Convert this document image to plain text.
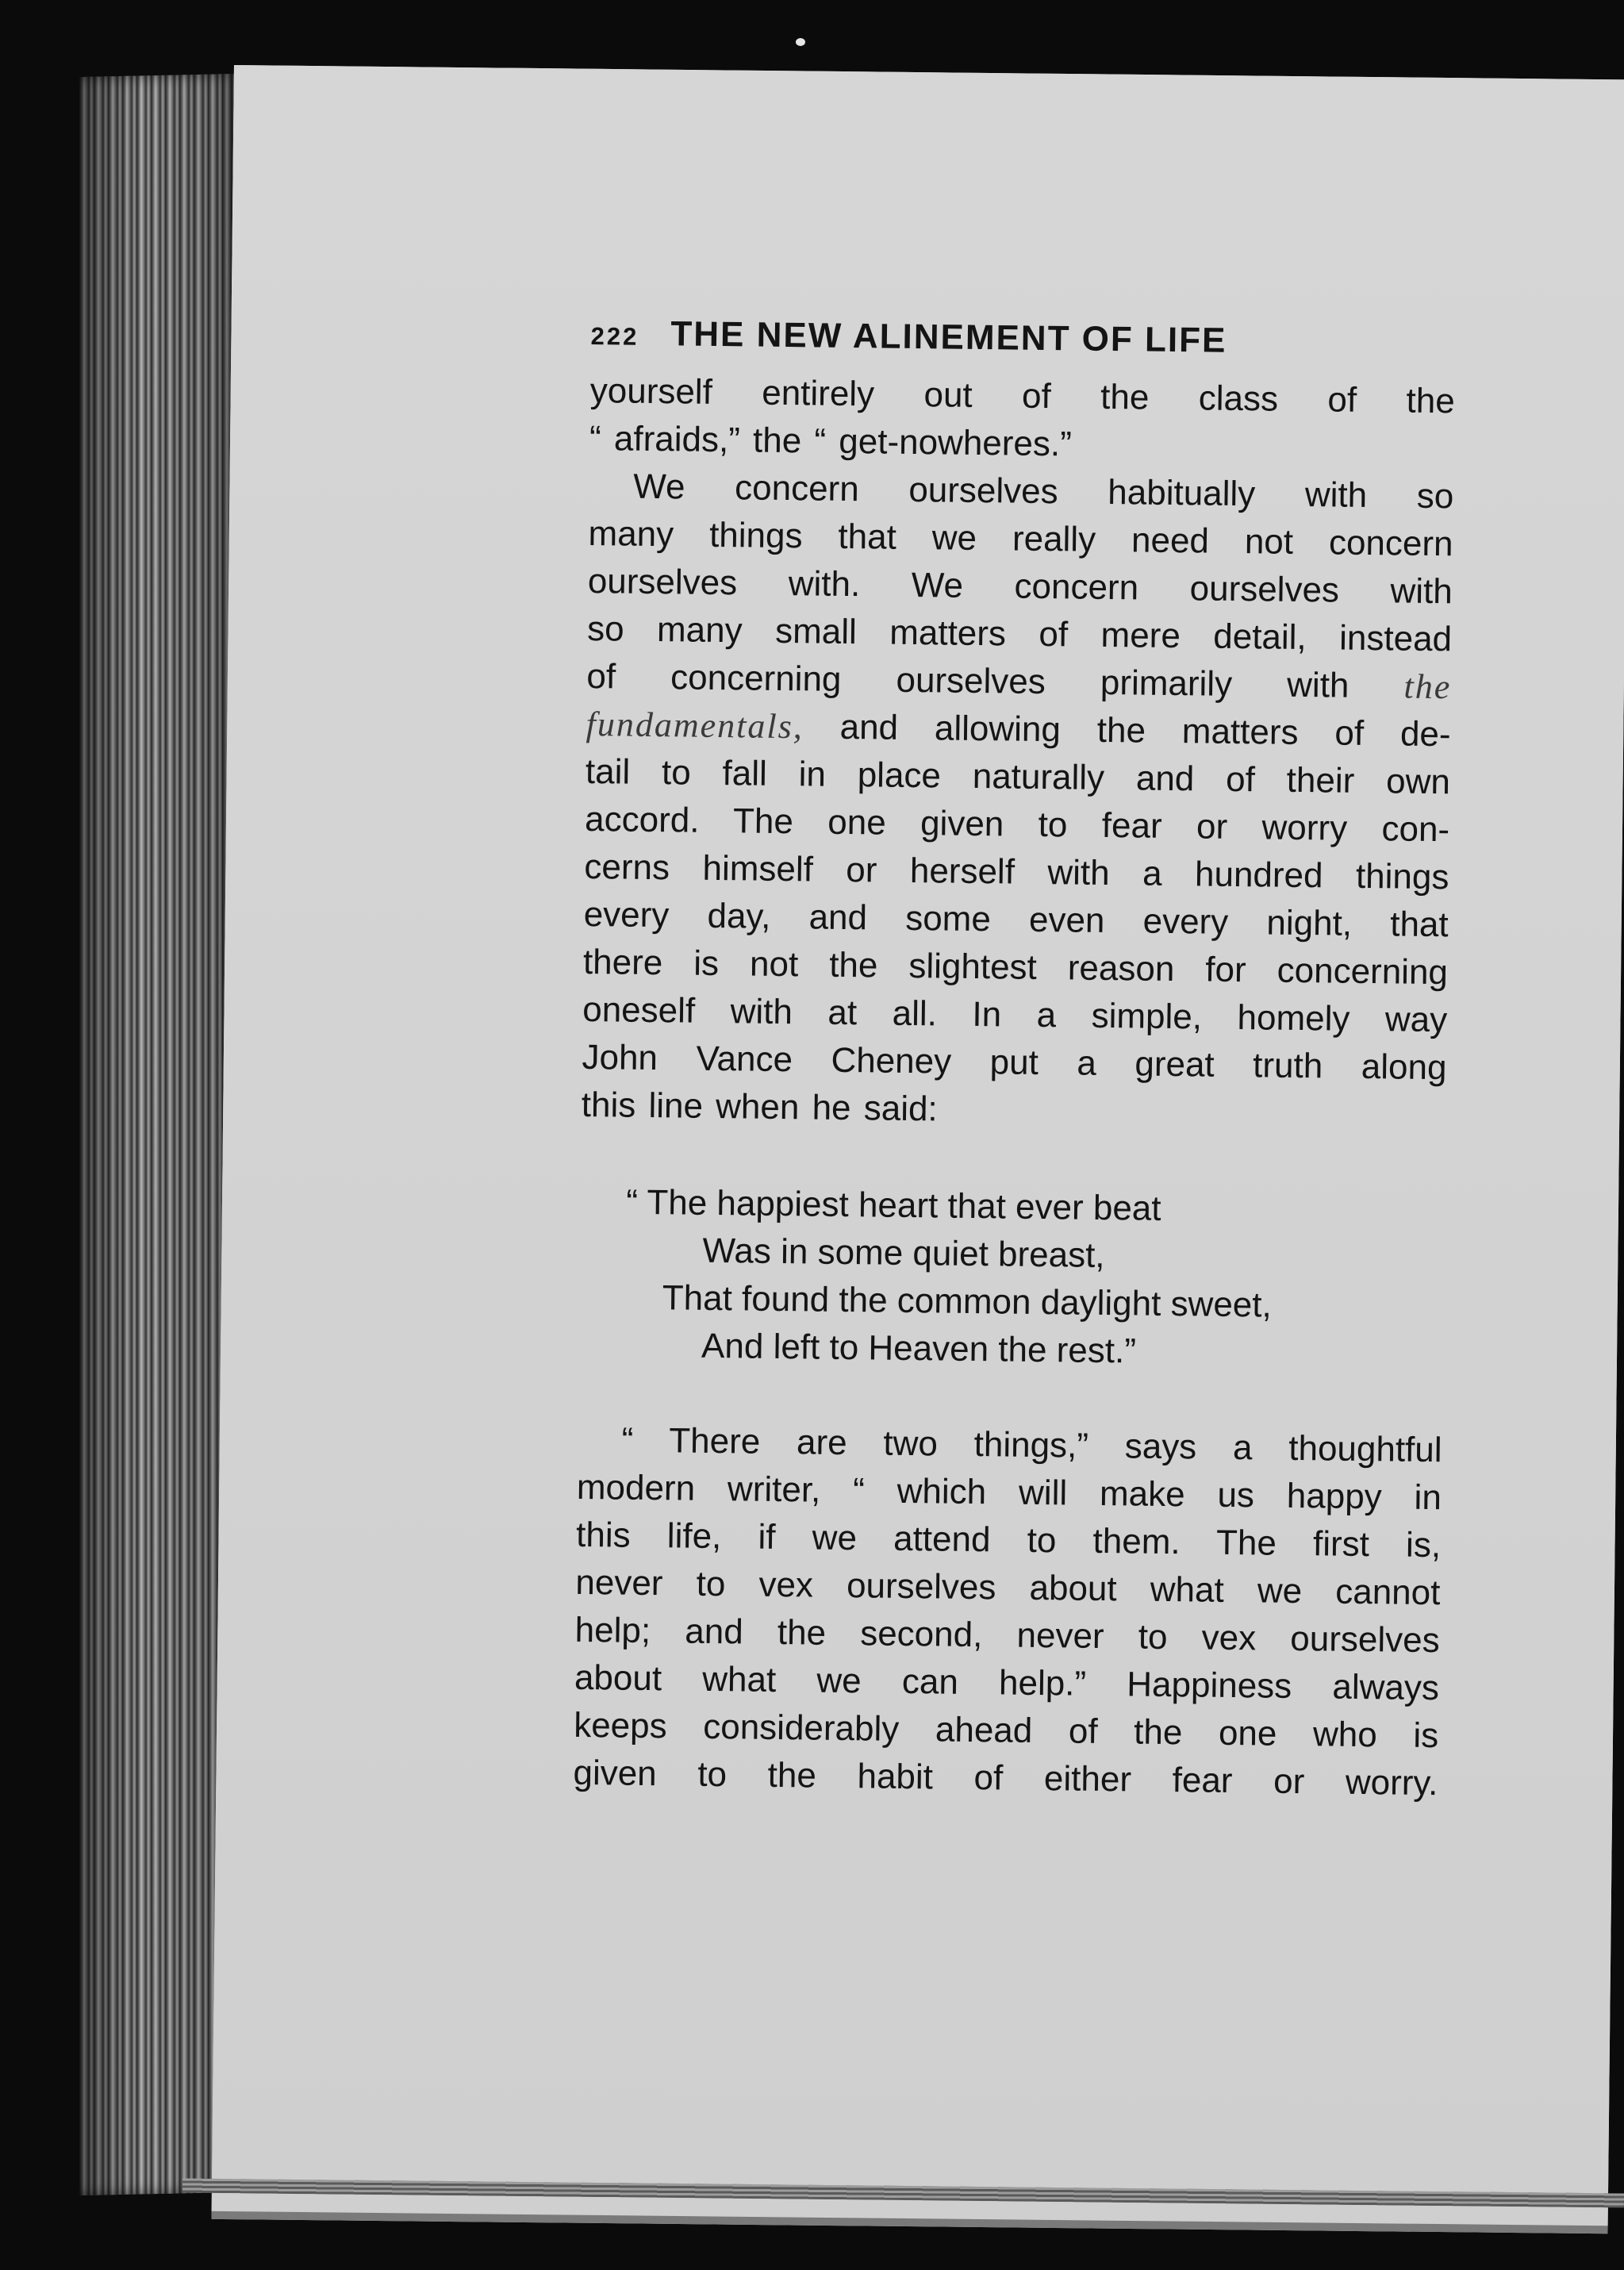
222 THE NEW ALINEMENT OF LIFE
yourself entirely out of the class of the
“ afraids,” the “ get-nowheres.”
We concern ourselves habitually with so
many things that we really need not concern
ourselves with. We concern ourselves with
so many small matters of mere detail, instead
of concerning ourselves primarily with the
fundamentals, and allowing the matters of de-
tail to fall in place naturally and of their own
accord. The one given to fear or worry con-
cerns himself or herself with a hundred things
every day, and some even every night, that
there is not the slightest reason for concerning
oneself with at all. In a simple, homely way
John Vance Cheney put a great truth along
this line when he said:
“ The happiest heart that ever beat
Was in some quiet breast,
That found the common daylight sweet,
And left to Heaven the rest.”
“ There are two things,” says a thoughtful
modern writer, “ which will make us happy in
this life, if we attend to them. The first is,
never to vex ourselves about what we cannot
help; and the second, never to vex ourselves
about what we can help.” Happiness always
keeps considerably ahead of the one who is
given to the habit of either fear or worry.
